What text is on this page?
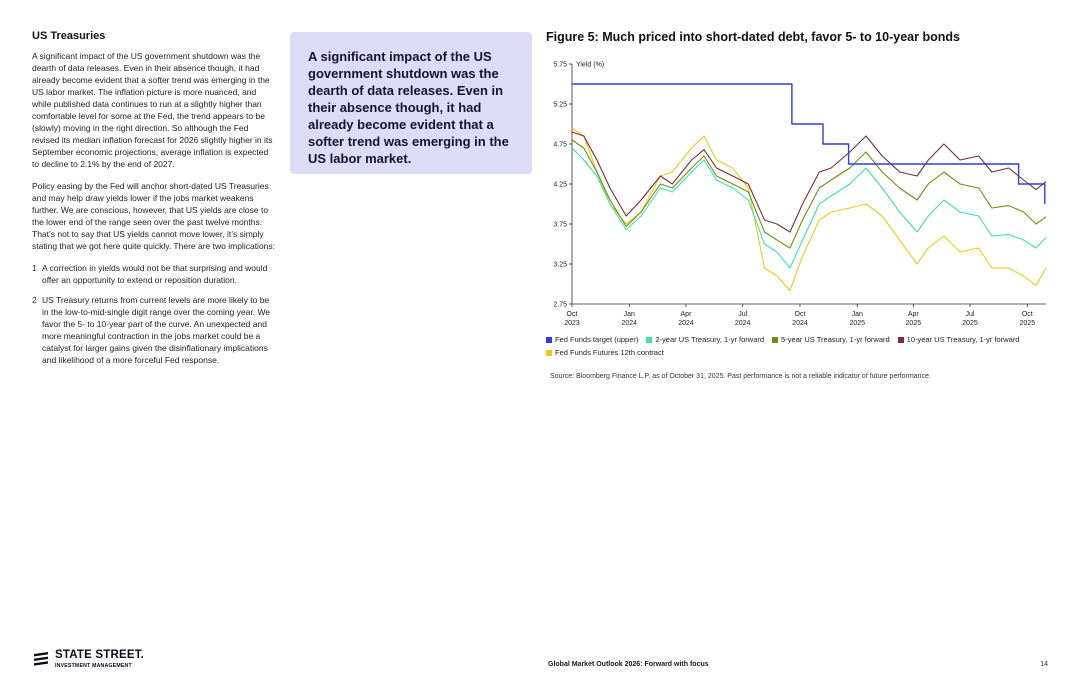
US Treasuries

A significant impact of the US government shutdown was the dearth of data releases. Even in their absence though, it had already become evident that a softer trend was emerging in the US labor market. The inflation picture is more nuanced, and while published data continues to run at a slightly higher than comfortable level for some at the Fed, the trend appears to be (slowly) moving in the right direction. So although the Fed revised its median inflation forecast for 2026 slightly higher in its September economic projections, average inflation is expected to decline to 2.1% by the end of 2027.

Policy easing by the Fed will anchor short-dated US Treasuries and may help draw yields lower if the jobs market weakens further. We are conscious, however, that US yields are close to the lower end of the range seen over the past twelve months. That’s not to say that US yields cannot move lower, it’s simply stating that we got here quite quickly. There are two implications:

1 A correction in yields would not be that surprising and would offer an opportunity to extend or reposition duration.
2 US Treasury returns from current levels are more likely to be in the low-to-mid-single digit range over the coming year. We favor the 5- to 10-year part of the curve. An unexpected and more meaningful contraction in the jobs market could be a catalyst for larger gains given the disinflationary implications and likelihood of a more forceful Fed response.

A significant impact of the US government shutdown was the dearth of data releases. Even in their absence though, it had already become evident that a softer trend was emerging in the US labor market.

Figure 5: Much priced into short-dated debt, favor 5- to 10-year bonds
5.75
5.25
4.75
4.25
3.75
3.25
2.75
Yield (%)
Oct
2023
Jan
2024
Apr
2024
Jul
2024
Oct
2024
Jan
2025
Apr
2025
Jul
2025
Oct
2025
Fed Funds target (upper) 2-year US Treasury, 1-yr forward 5-year US Treasury, 1-yr forward 10-year US Treasury, 1-yr forward
Fed Funds Futures 12th contract
Source: Bloomberg Finance L.P. as of October 31, 2025. Past performance is not a reliable indicator of future performance.
STATE STREET.
INVESTMENT MANAGEMENT	Global Market Outlook 2026: Forward with focus	14
